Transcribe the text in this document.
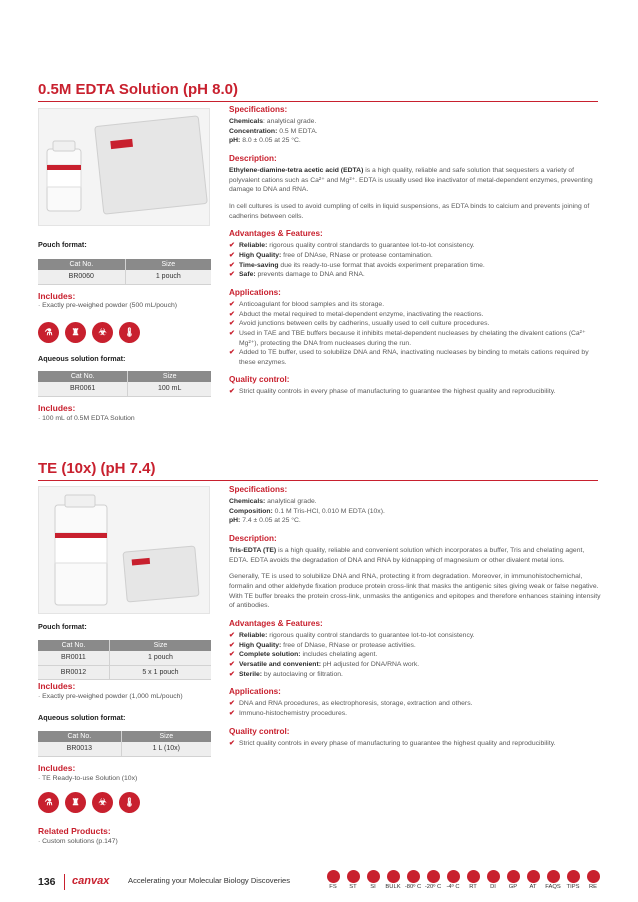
0.5M EDTA Solution (pH 8.0)
Pouch format:
Cat No.	Size
BR0060	1 pouch
Includes:
· Exactly pre-weighed powder (500 mL/pouch)
⚗	♜	☣	🌡
Aqueous solution format:
Cat No.	Size
BR0061	100 mL
Includes:
· 100 mL of 0.5M EDTA Solution
Specifications:
Chemicals: analytical grade.
Concentration: 0.5 M EDTA.
pH: 8.0 ± 0.05 at 25 °C.
Description:
Ethylene-diamine-tetra acetic acid (EDTA) is a high quality, reliable and safe solution that sequesters a variety of polyvalent cations such as Ca²⁺ and Mg²⁺. EDTA is usually used like inactivator of metal-dependent enzymes, preventing damage to DNA and RNA.
In cell cultures is used to avoid cumpling of cells in liquid suspensions, as EDTA binds to calcium and prevents joining of cadherins between cells.
Advantages & Features:
✔ Reliable: rigorous quality control standards to guarantee lot-to-lot consistency.
✔ High Quality: free of DNAse, RNase or protease contamination.
✔ Time-saving due its ready-to-use format that avoids experiment preparation time.
✔ Safe: prevents damage to DNA and RNA.
Applications:
✔ Anticoagulant for blood samples and its storage.
✔ Abduct the metal required to metal-dependent enzyme, inactivating the reactions.
✔ Avoid junctions between cells by cadherins, usually used to cell culture procedures.
✔ Used in TAE and TBE buffers because it inhibits metal-dependent nucleases by chelating the divalent cations (Ca²⁺ Mg²⁺), protecting the DNA from nucleases during the run.
✔ Added to TE buffer, used to solubilize DNA and RNA, inactivating nucleases by binding to metals cations required by these enzymes.
Quality control:
✔ Strict quality controls in every phase of manufacturing to guarantee the highest quality and reproducibility.
TE (10x) (pH 7.4)
Pouch format:
Cat No.	Size
BR0011	1 pouch
BR0012	5 x 1 pouch
Includes:
· Exactly pre-weighed powder (1,000 mL/pouch)
Aqueous solution format:
Cat No.	Size
BR0013	1 L (10x)
Includes:
· TE Ready-to-use Solution (10x)
⚗	♜	☣	🌡
Related Products:
· Custom solutions (p.147)
Specifications:
Chemicals: analytical grade.
Composition: 0.1 M Tris-HCl, 0.010 M EDTA (10x).
pH: 7.4 ± 0.05 at 25 °C.
Description:
Tris-EDTA (TE) is a high quality, reliable and convenient solution which incorporates a buffer, Tris and chelating agent, EDTA. EDTA avoids the degradation of DNA and RNA by kidnapping of magnesium or other divalent metal ions.
Generally, TE is used to solubilize DNA and RNA, protecting it from degradation. Moreover, in immunohistochemichal, formalin and other aldehyde fixation produce protein cross-link that masks the antigenic sites giving weak or false negative. With TE buffer breaks the protein cross-link, unmasks the antigenics and epitopes and therefore enhances staining intensity of antibodies.
Advantages & Features:
✔ Reliable: rigorous quality control standards to guarantee lot-to-lot consistency.
✔ High Quality: free of DNase, RNase or protease activities.
✔ Complete solution: includes chelating agent.
✔ Versatile and convenient: pH adjusted for DNA/RNA work.
✔ Sterile: by autoclaving or filtration.
Applications:
✔ DNA and RNA procedures, as electrophoresis, storage, extraction and others.
✔ Immuno-histochemistry procedures.
Quality control:
✔ Strict quality controls in every phase of manufacturing to guarantee the highest quality and reproducibility.
136 canvax Accelerating your Molecular Biology Discoveries
FS ST SI BULK -80º C -20º C -4º C RT DI GP AT FAQS TIPS RE
